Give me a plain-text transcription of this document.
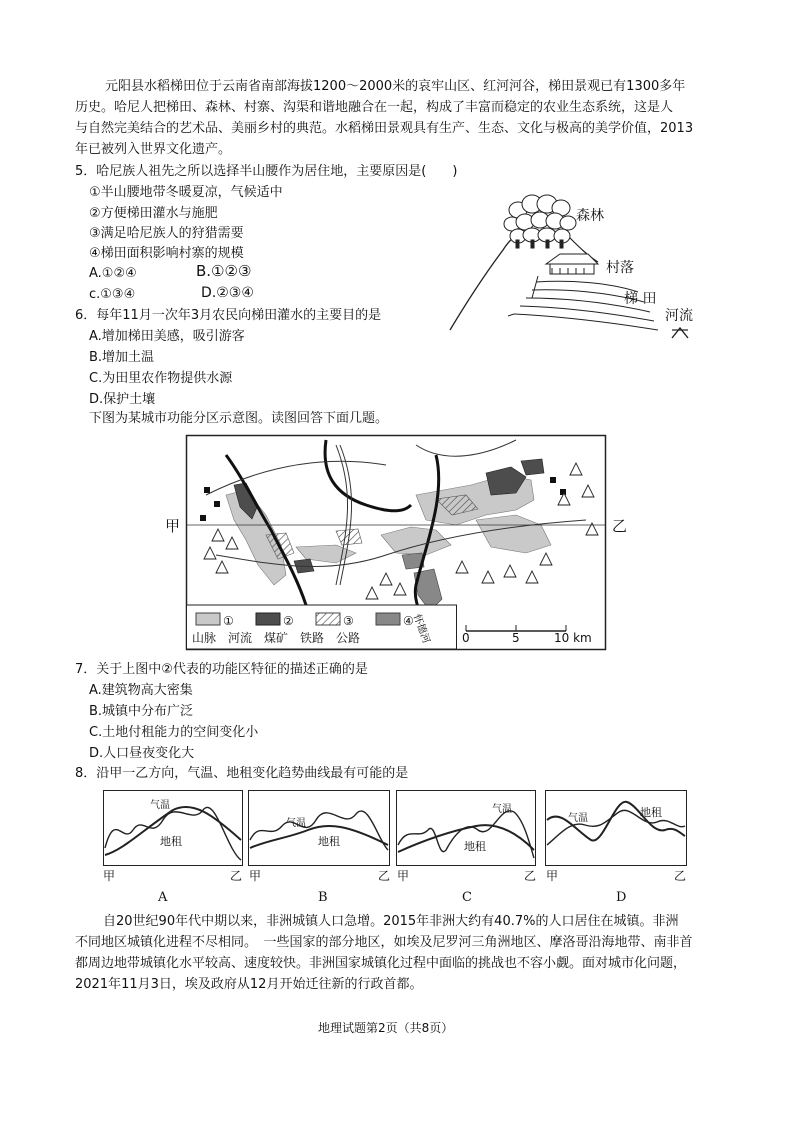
元阳县水稻梯田位于云南省南部海拔1200～2000米的哀牢山区、红河河谷，梯田景观已有1300多年
历史。哈尼人把梯田、森林、村寨、沟渠和谐地融合在一起，构成了丰富而稳定的农业生态系统，这是人
与自然完美结合的艺术品、美丽乡村的典范。水稻梯田景观具有生产、生态、文化与极高的美学价值，2013
年已被列入世界文化遗产。
5．哈尼族人祖先之所以选择半山腰作为居住地，主要原因是(　　)
①半山腰地带冬暖夏凉，气候适中
②方便梯田灌水与施肥
③满足哈尼族人的狩猎需要
④梯田面积影响村寨的规模
A.①②④	B.①②③
c.①③④	D.②③④
森林
村落
梯 田
河流
6．每年11月一次年3月农民向梯田灌水的主要目的是
A.增加梯田美感，吸引游客
B.增加土温
C.为田里农作物提供水源
D.保护土壤
下图为某城市功能分区示意图。读图回答下面几题。
甲	乙
①	②	③	④
山脉　河流　煤矿　铁路　公路	0	5	10 km
怀德河
7．关于上图中②代表的功能区特征的描述正确的是
A.建筑物高大密集
B.城镇中分布广泛
C.土地付租能力的空间变化小
D.人口昼夜变化大
8．沿甲一乙方向，气温、地租变化趋势曲线最有可能的是
气温
地租
甲	乙
A
气温
地租
甲	乙
B
气温
地租
甲	乙
C
气温	地租
甲	乙
D
自20世纪90年代中期以来，非洲城镇人口急增。2015年非洲大约有40.7%的人口居住在城镇。非洲
不同地区城镇化进程不尽相同。　一些国家的部分地区，如埃及尼罗河三角洲地区、摩洛哥沿海地带、南非首
都周边地带城镇化水平较高、速度较快。非洲国家城镇化过程中面临的挑战也不容小觑。面对城市化问题，
2021年11月3日，埃及政府从12月开始迁往新的行政首都。
地理试题第2页（共8页）
